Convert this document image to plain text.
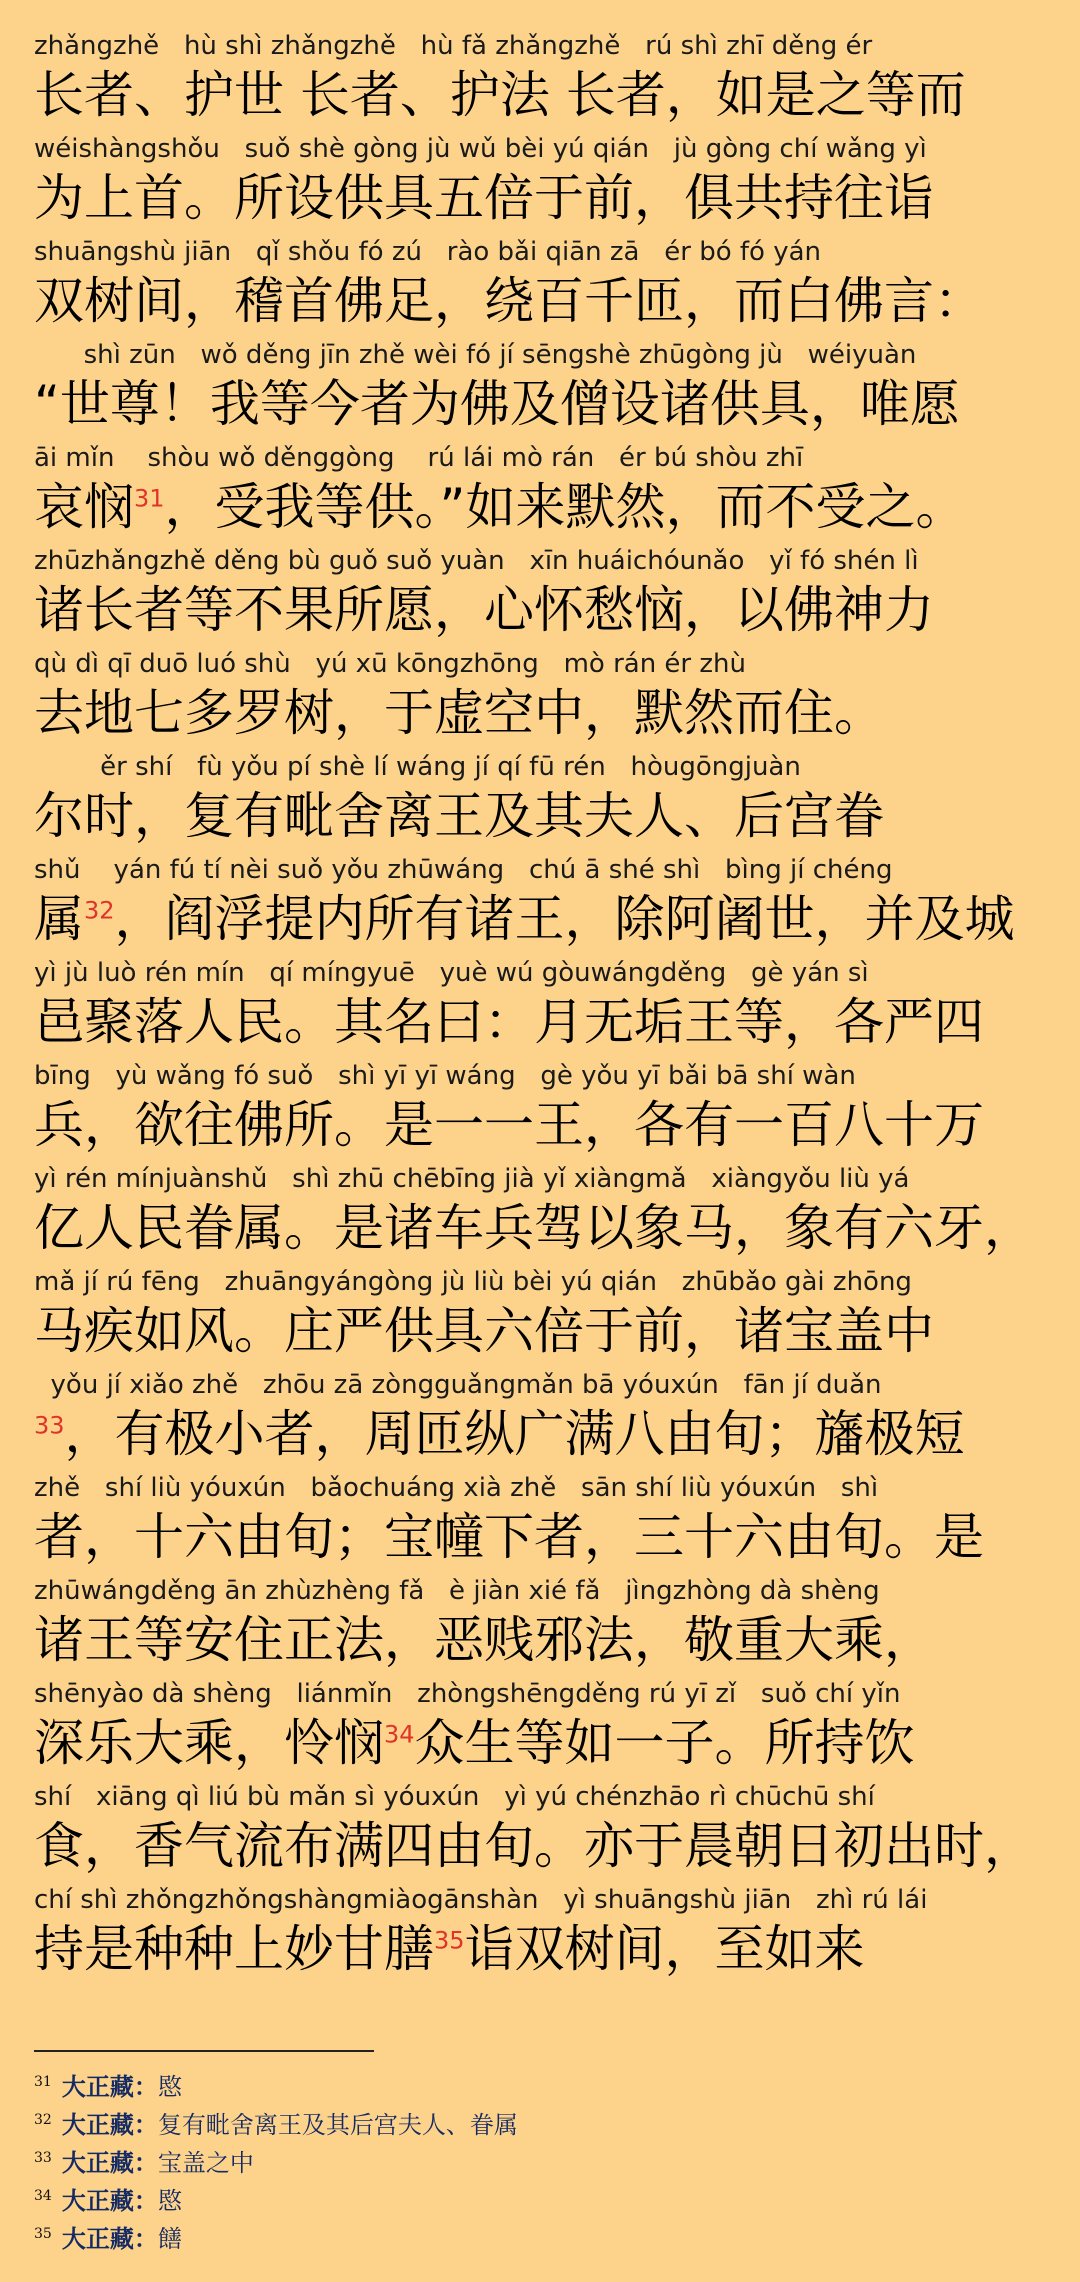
zhǎngzhě   hù shì zhǎngzhě   hù fǎ zhǎngzhě   rú shì zhī děng ér
长者、护世 长者、护法 长者，如是之等而
wéishàngshǒu   suǒ shè gòng jù wǔ bèi yú qián   jù gòng chí wǎng yì
为上首。所设供具五倍于前，俱共持往诣
shuāngshù jiān   qǐ shǒu fó zú   rào bǎi qiān zā   ér bó fó yán
双树间，稽首佛足，绕百千匝，而白佛言：
shì zūn   wǒ děng jīn zhě wèi fó jí sēngshè zhūgòng jù   wéiyuàn
“世尊！我等今者为佛及僧设诸供具，唯愿
āi mǐn    shòu wǒ děnggòng    rú lái mò rán   ér bú shòu zhī
哀悯$^{31}$，受我等供。”如来默然，而不受之。
zhūzhǎngzhě děng bù guǒ suǒ yuàn   xīn huáichóunǎo   yǐ fó shén lì
诸长者等不果所愿，心怀愁恼，以佛神力
qù dì qī duō luó shù   yú xū kōngzhōng   mò rán ér zhù
去地七多罗树，于虚空中，默然而住。
ěr shí   fù yǒu pí shè lí wáng jí qí fū rén   hòugōngjuàn
尔时，复有毗舍离王及其夫人、后宫眷
shǔ    yán fú tí nèi suǒ yǒu zhūwáng   chú ā shé shì   bìng jí chéng
属$^{32}$，阎浮提内所有诸王，除阿阇世，并及城
yì jù luò rén mín   qí míngyuē   yuè wú gòuwángděng   gè yán sì
邑聚落人民。其名曰：月无垢王等，各严四
bīng   yù wǎng fó suǒ   shì yī yī wáng   gè yǒu yī bǎi bā shí wàn
兵，欲往佛所。是一一王，各有一百八十万
yì rén mínjuànshǔ   shì zhū chēbīng jià yǐ xiàngmǎ   xiàngyǒu liù yá
亿人民眷属。是诸车兵驾以象马，象有六牙，
mǎ jí rú fēng   zhuāngyángòng jù liù bèi yú qián   zhūbǎo gài zhōng
马疾如风。庄严供具六倍于前，诸宝盖中
yǒu jí xiǎo zhě   zhōu zā zòngguǎngmǎn bā yóuxún   fān jí duǎn
$^{33}$，有极小者，周匝纵广满八由旬；旛极短
zhě   shí liù yóuxún   bǎochuáng xià zhě   sān shí liù yóuxún   shì
者，十六由旬；宝幢下者，三十六由旬。是
zhūwángděng ān zhùzhèng fǎ   è jiàn xié fǎ   jìngzhòng dà shèng
诸王等安住正法，恶贱邪法，敬重大乘，
shēnyào dà shèng   liánmǐn   zhòngshēngděng rú yī zǐ   suǒ chí yǐn
深乐大乘，怜悯$^{34}$众生等如一子。所持饮
shí   xiāng qì liú bù mǎn sì yóuxún   yì yú chénzhāo rì chūchū shí
食，香气流布满四由旬。亦于晨朝日初出时，
chí shì zhǒngzhǒngshàngmiàogānshàn   yì shuāngshù jiān   zhì rú lái
持是种种上妙甘膳$^{35}$诣双树间，至如来
$^{31}$ 大正藏：愍
$^{32}$ 大正藏：复有毗舍离王及其后宫夫人、眷属
$^{33}$ 大正藏：宝盖之中
$^{34}$ 大正藏：愍
$^{35}$ 大正藏：饍
